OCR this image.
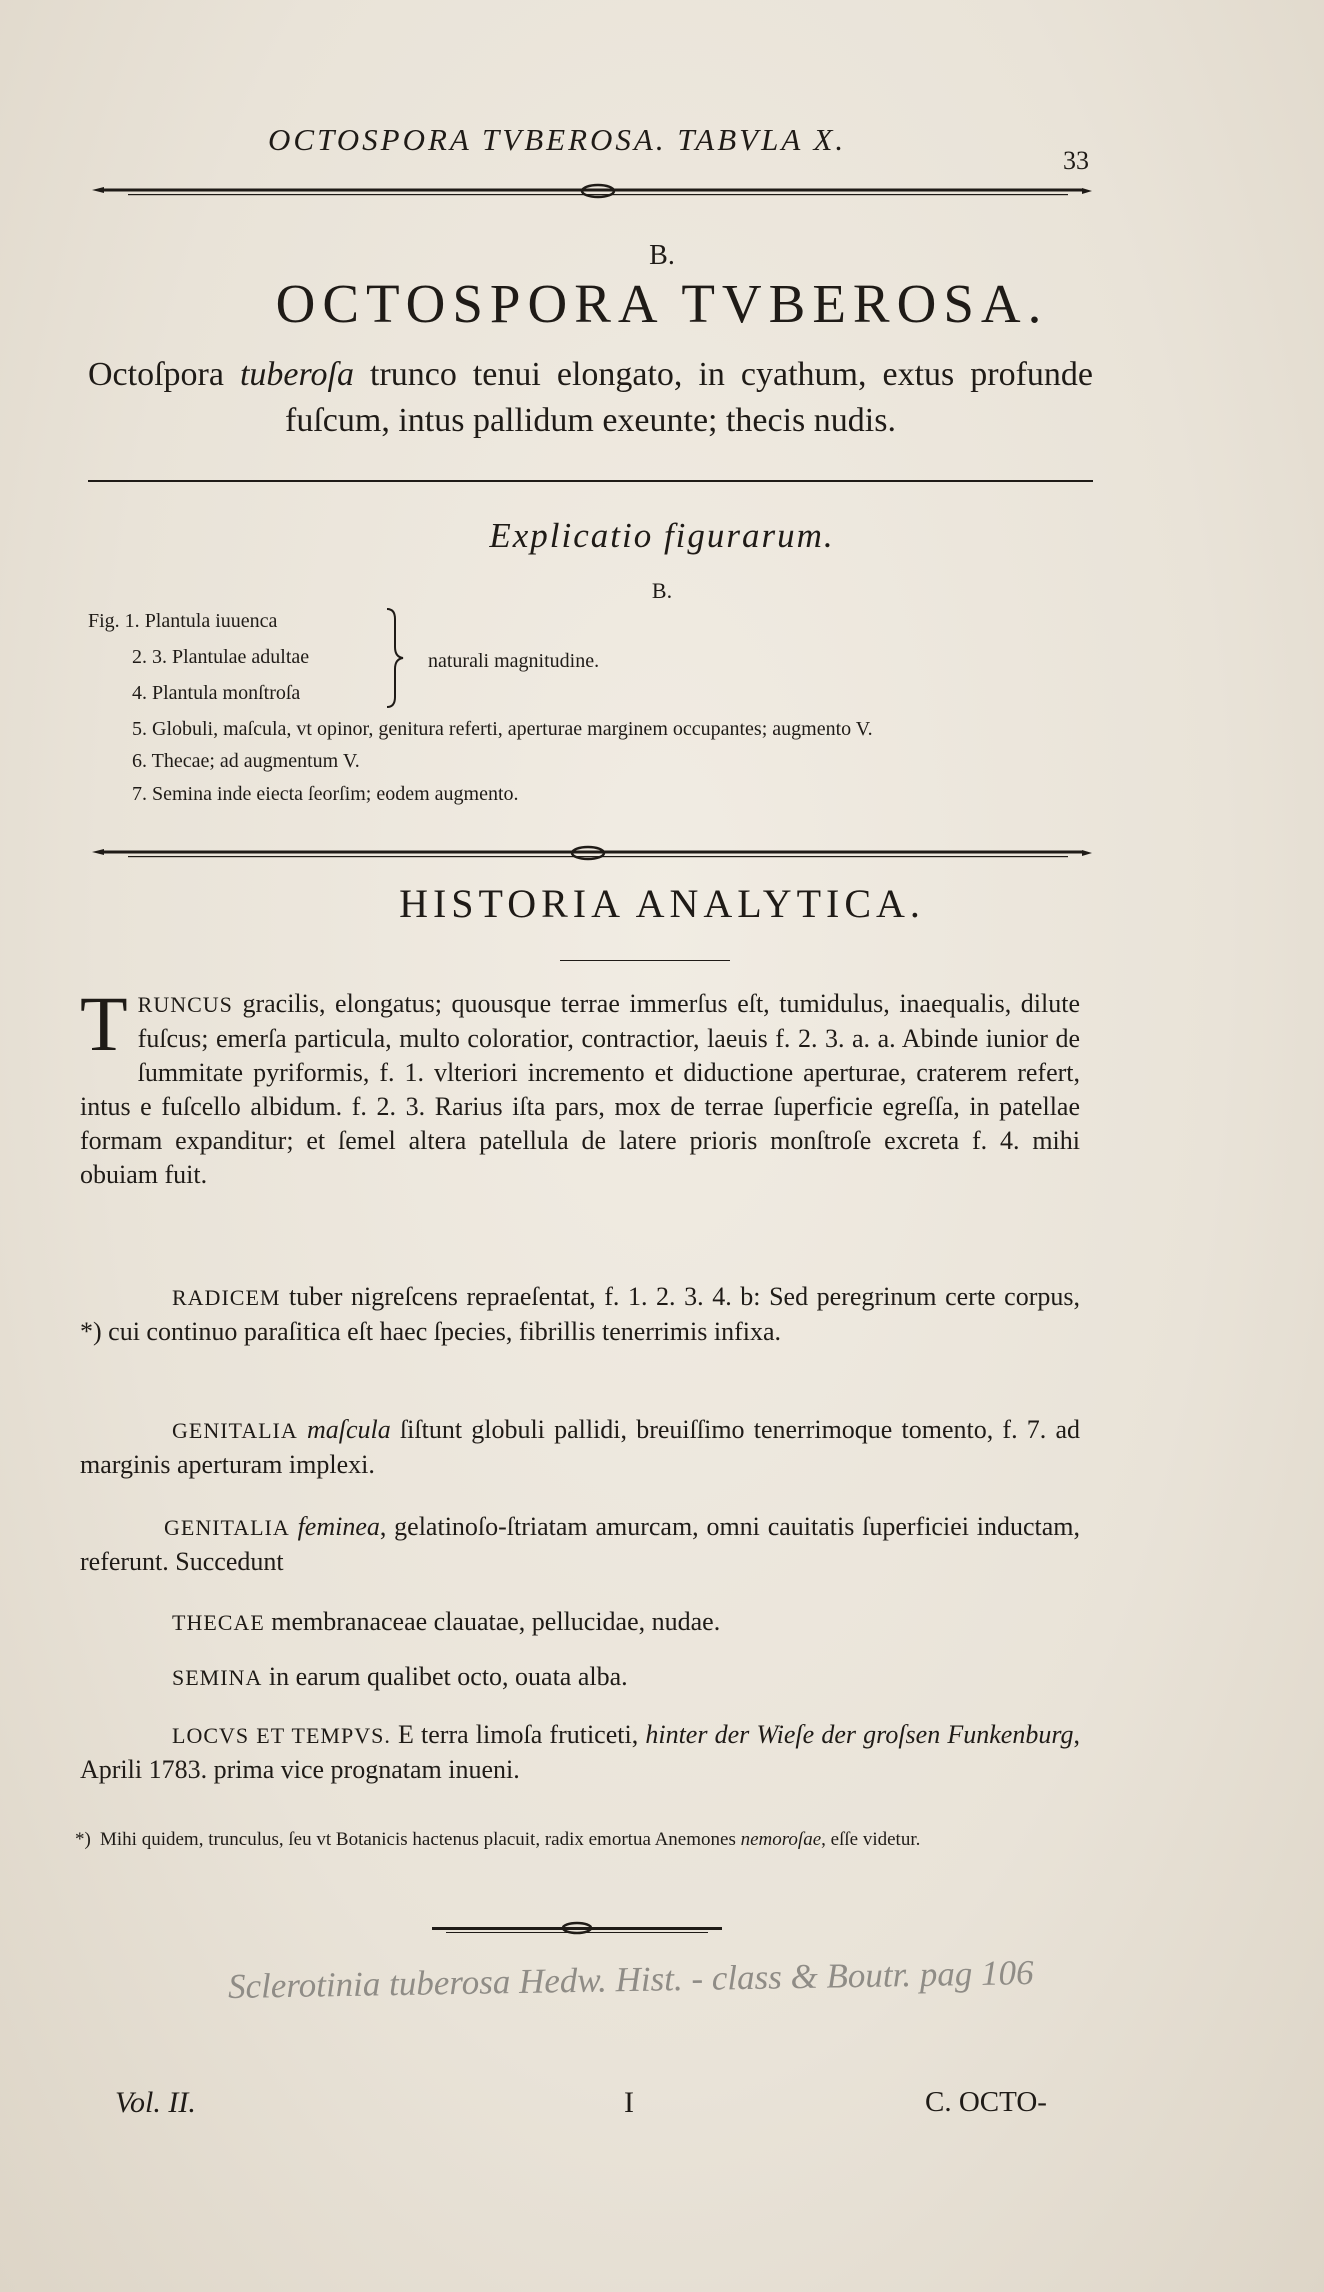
OCTOSPORA TVBEROSA. TABVLA X.
33
B.
OCTOSPORA TVBEROSA.
Octoſpora tuberoſa trunco tenui elongato, in cyathum, extus profunde fuſcum, intus pallidum exeunte; thecis nudis.
Explicatio figurarum.
B.
Fig. 1. Plantula iuuenca
2. 3. Plantulae adultae
4. Plantula monſtroſa
5. Globuli, maſcula, vt opinor, genitura referti, aperturae marginem occupantes; augmento V.
6. Thecae; ad augmentum V.
7. Semina inde eiecta ſeorſim; eodem augmento.
naturali magnitudine.
HISTORIA ANALYTICA.
TRUNCUS gracilis, elongatus; quousque terrae immerſus eſt, tumidulus, inaequalis, dilute fuſcus; emerſa particula, multo coloratior, contractior, laeuis f. 2. 3. a. a. Abinde iunior de ſummitate pyriformis, f. 1. vlteriori incremento et diductione aperturae, craterem refert, intus e fuſcello albidum. f. 2. 3. Rarius iſta pars, mox de terrae ſuperficie egreſſa, in patellae formam expanditur; et ſemel altera patellula de latere prioris monſtroſe excreta f. 4. mihi obuiam fuit.
RADICEM tuber nigreſcens repraeſentat, f. 1. 2. 3. 4. b: Sed peregrinum certe corpus, *) cui continuo paraſitica eſt haec ſpecies, fibrillis tenerrimis infixa.
GENITALIA maſcula ſiſtunt globuli pallidi, breuiſſimo tenerrimoque tomento, f. 7. ad marginis aperturam implexi.
GENITALIA feminea, gelatinoſo-ſtriatam amurcam, omni cauitatis ſuperficiei inductam, referunt. Succedunt
THECAE membranaceae clauatae, pellucidae, nudae.
SEMINA in earum qualibet octo, ouata alba.
LOCVS ET TEMPVS. E terra limoſa fruticeti, hinter der Wieſe der groſsen Funkenburg, Aprili 1783. prima vice prognatam inueni.
*) Mihi quidem, trunculus, ſeu vt Botanicis hactenus placuit, radix emortua Anemones nemoroſae, eſſe videtur.
Sclerotinia tuberosa Hedw. Hist. - class & Boutr. pag 106
Vol. II.	I	C. OCTO-
